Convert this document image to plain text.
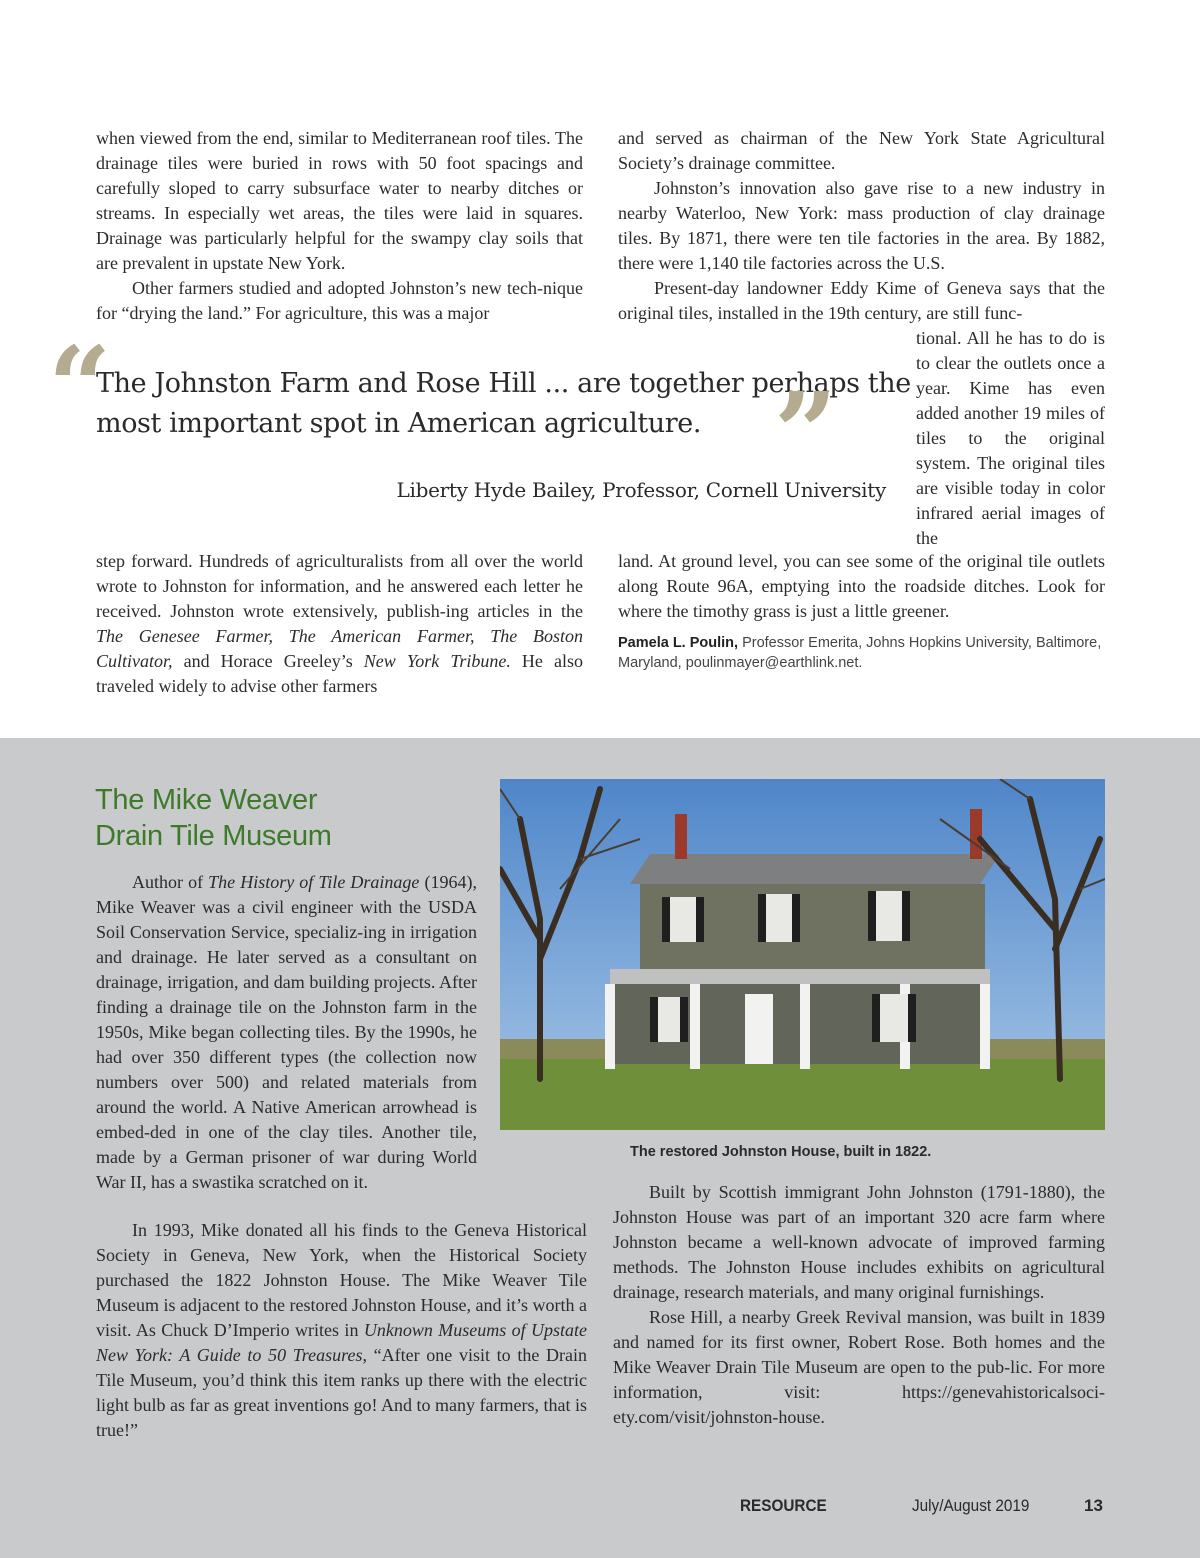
when viewed from the end, similar to Mediterranean roof tiles. The drainage tiles were buried in rows with 50 foot spacings and carefully sloped to carry subsurface water to nearby ditches or streams. In especially wet areas, the tiles were laid in squares. Drainage was particularly helpful for the swampy clay soils that are prevalent in upstate New York.

Other farmers studied and adopted Johnston’s new tech-nique for “drying the land.” For agriculture, this was a major

and served as chairman of the New York State Agricultural Society’s drainage committee.

Johnston’s innovation also gave rise to a new industry in nearby Waterloo, New York: mass production of clay drainage tiles. By 1871, there were ten tile factories in the area. By 1882, there were 1,140 tile factories across the U.S.

Present-day landowner Eddy Kime of Geneva says that the original tiles, installed in the 19th century, are still func-

tional. All he has to do is to clear the outlets once a year. Kime has even added another 19 miles of tiles to the original system. The original tiles are visible today in color infrared aerial images of the

“
The Johnston Farm and Rose Hill ... are together perhaps the most important spot in American agriculture. ”
Liberty Hyde Bailey, Professor, Cornell University

step forward. Hundreds of agriculturalists from all over the world wrote to Johnston for information, and he answered each letter he received. Johnston wrote extensively, publish-ing articles in the The Genesee Farmer, The American Farmer, The Boston Cultivator, and Horace Greeley’s New York Tribune. He also traveled widely to advise other farmers

land. At ground level, you can see some of the original tile outlets along Route 96A, emptying into the roadside ditches. Look for where the timothy grass is just a little greener.

Pamela L. Poulin, Professor Emerita, Johns Hopkins University, Baltimore, Maryland, poulinmayer@earthlink.net.
The Mike Weaver
Drain Tile Museum

Author of The History of Tile Drainage (1964), Mike Weaver was a civil engineer with the USDA Soil Conservation Service, specializ-ing in irrigation and drainage. He later served as a consultant on drainage, irrigation, and dam building projects. After finding a drainage tile on the Johnston farm in the 1950s, Mike began collecting tiles. By the 1990s, he had over 350 different types (the collection now numbers over 500) and related materials from around the world. A Native American arrowhead is embed-ded in one of the clay tiles. Another tile, made by a German prisoner of war during World War II, has a swastika scratched on it.

In 1993, Mike donated all his finds to the Geneva Historical Society in Geneva, New York, when the Historical Society purchased the 1822 Johnston House. The Mike Weaver Tile Museum is adjacent to the restored Johnston House, and it’s worth a visit. As Chuck D’Imperio writes in Unknown Museums of Upstate New York: A Guide to 50 Treasures, “After one visit to the Drain Tile Museum, you’d think this item ranks up there with the electric light bulb as far as great inventions go! And to many farmers, that is true!”

The restored Johnston House, built in 1822.

Built by Scottish immigrant John Johnston (1791-1880), the Johnston House was part of an important 320 acre farm where Johnston became a well-known advocate of improved farming methods. The Johnston House includes exhibits on agricultural drainage, research materials, and many original furnishings.

Rose Hill, a nearby Greek Revival mansion, was built in 1839 and named for its first owner, Robert Rose. Both homes and the Mike Weaver Drain Tile Museum are open to the pub-lic. For more information, visit: https://genevahistoricalsoci-ety.com/visit/johnston-house.

RESOURCE	July/August 2019	13
